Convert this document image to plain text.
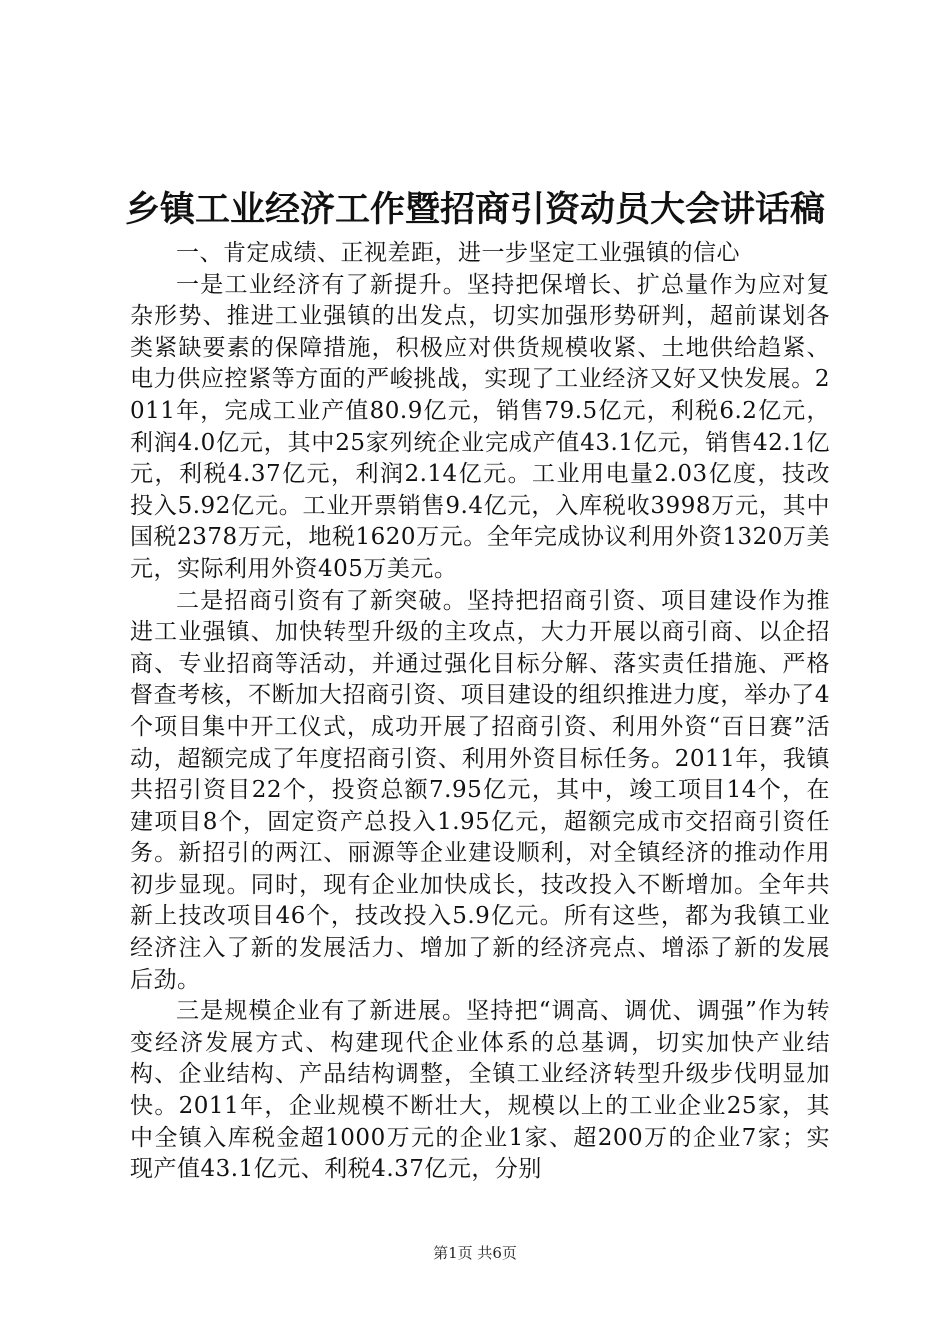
乡镇工业经济工作暨招商引资动员大会讲话稿

一、肯定成绩、正视差距，进一步坚定工业强镇的信心

一是工业经济有了新提升。坚持把保增长、扩总量作为应对复杂形势、推进工业强镇的出发点，切实加强形势研判，超前谋划各类紧缺要素的保障措施，积极应对供货规模收紧、土地供给趋紧、电力供应控紧等方面的严峻挑战，实现了工业经济又好又快发展。2011年，完成工业产值80.9亿元，销售79.5亿元，利税6.2亿元，利润4.0亿元，其中25家列统企业完成产值43.1亿元，销售42.1亿元，利税4.37亿元，利润2.14亿元。工业用电量2.03亿度，技改投入5.92亿元。工业开票销售9.4亿元，入库税收3998万元，其中国税2378万元，地税1620万元。全年完成协议利用外资1320万美元，实际利用外资405万美元。

二是招商引资有了新突破。坚持把招商引资、项目建设作为推进工业强镇、加快转型升级的主攻点，大力开展以商引商、以企招商、专业招商等活动，并通过强化目标分解、落实责任措施、严格督查考核，不断加大招商引资、项目建设的组织推进力度，举办了4个项目集中开工仪式，成功开展了招商引资、利用外资“百日赛”活动，超额完成了年度招商引资、利用外资目标任务。2011年，我镇共招引资目22个，投资总额7.95亿元，其中，竣工项目14个，在建项目8个，固定资产总投入1.95亿元，超额完成市交招商引资任务。新招引的两江、丽源等企业建设顺利，对全镇经济的推动作用初步显现。同时，现有企业加快成长，技改投入不断增加。全年共新上技改项目46个，技改投入5.9亿元。所有这些，都为我镇工业经济注入了新的发展活力、增加了新的经济亮点、增添了新的发展后劲。

三是规模企业有了新进展。坚持把“调高、调优、调强”作为转变经济发展方式、构建现代企业体系的总基调，切实加快产业结构、企业结构、产品结构调整，全镇工业经济转型升级步伐明显加快。2011年，企业规模不断壮大，规模以上的工业企业25家，其中全镇入库税金超1000万元的企业1家、超200万的企业7家；实现产值43.1亿元、利税4.37亿元，分别

第1页 共6页
